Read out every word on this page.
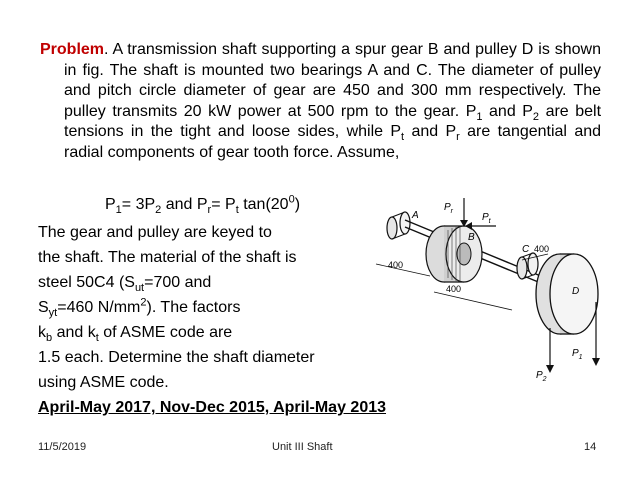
Problem. A transmission shaft supporting a spur gear B and pulley D is shown in fig. The shaft is mounted two bearings A and C. The diameter of pulley and pitch circle diameter of gear are 450 and 300 mm respectively. The pulley transmits 20 kW power at 500 rpm to the gear. $P_1$ and $P_2$ are belt tensions in the tight and loose sides, while $P_t$ and $P_r$ are tangential and radial components of gear tooth force. Assume,
$P_1= 3P_2$ and $P_r= P_t$ $\tan(20^0)$
The gear and pulley are keyed to
the shaft. The material of the shaft is
steel 50C4 ($S_{ut}=700$ and
$S_{yt}=460$ $N/mm^2$). The factors
$k_b$ and $k_t$ of ASME code are
1.5 each. Determine the shaft diameter
using ASME code.
April-May 2017, Nov-Dec 2015, April-May 2013
A
$P_r$
$P_t$
B
C
D
400
400
400
$P_1$
$P_2$
11/5/2019	Unit III Shaft	14
